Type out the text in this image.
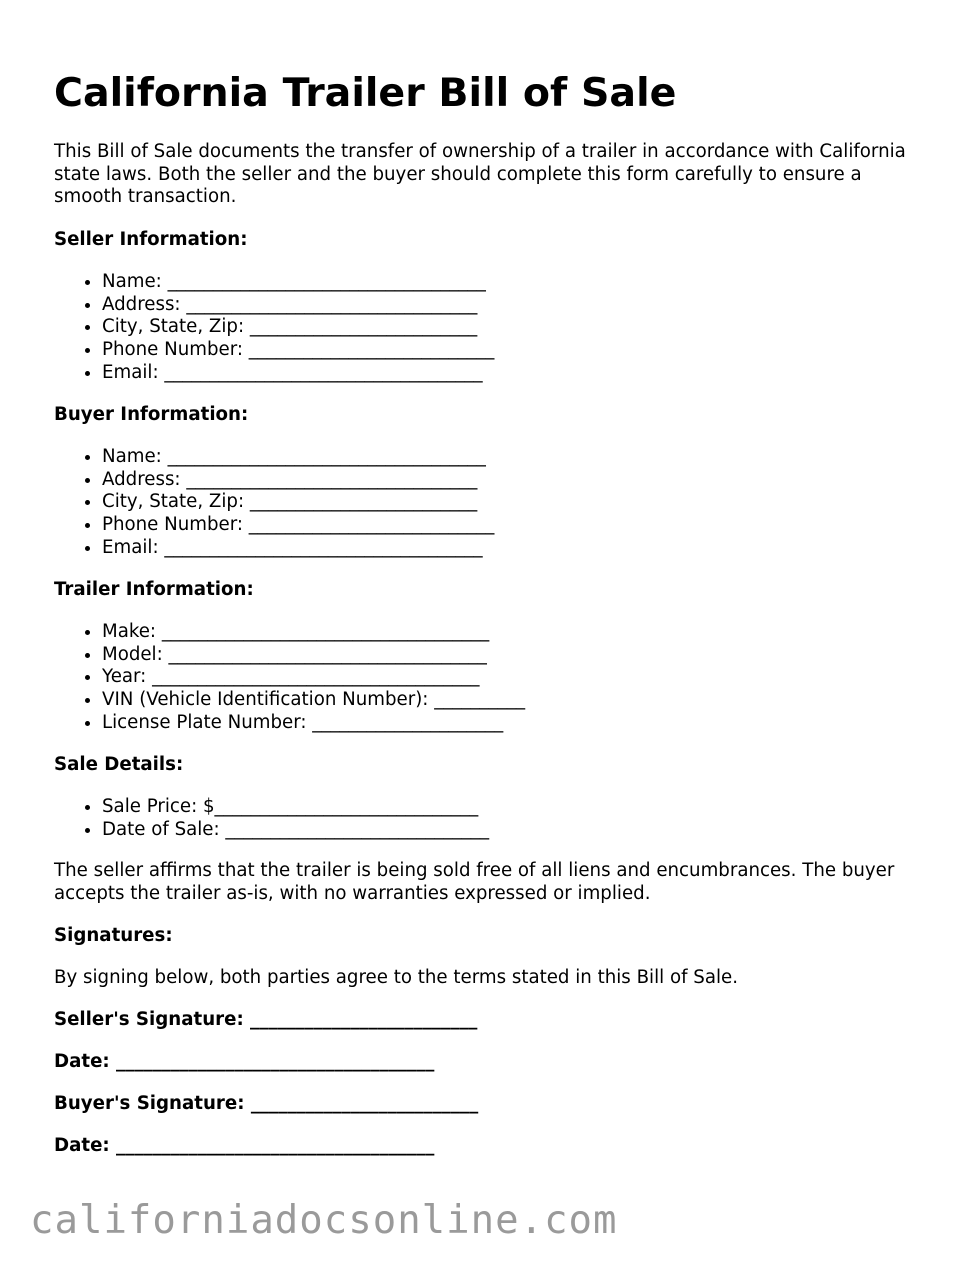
California Trailer Bill of Sale

This Bill of Sale documents the transfer of ownership of a trailer in accordance with California state laws. Both the seller and the buyer should complete this form carefully to ensure a smooth transaction.

Seller Information:

• Name: ___________________________________
• Address: ________________________________
• City, State, Zip: _________________________
• Phone Number: ___________________________
• Email: ___________________________________

Buyer Information:

• Name: ___________________________________
• Address: ________________________________
• City, State, Zip: _________________________
• Phone Number: ___________________________
• Email: ___________________________________

Trailer Information:

• Make: ____________________________________
• Model: ___________________________________
• Year: ____________________________________
• VIN (Vehicle Identification Number): __________
• License Plate Number: _____________________

Sale Details:

• Sale Price: $_____________________________
• Date of Sale: _____________________________

The seller affirms that the trailer is being sold free of all liens and encumbrances. The buyer accepts the trailer as-is, with no warranties expressed or implied.

Signatures:

By signing below, both parties agree to the terms stated in this Bill of Sale.

Seller's Signature: _________________________

Date: ___________________________________

Buyer's Signature: _________________________

Date: ___________________________________

californiadocsonline.com
